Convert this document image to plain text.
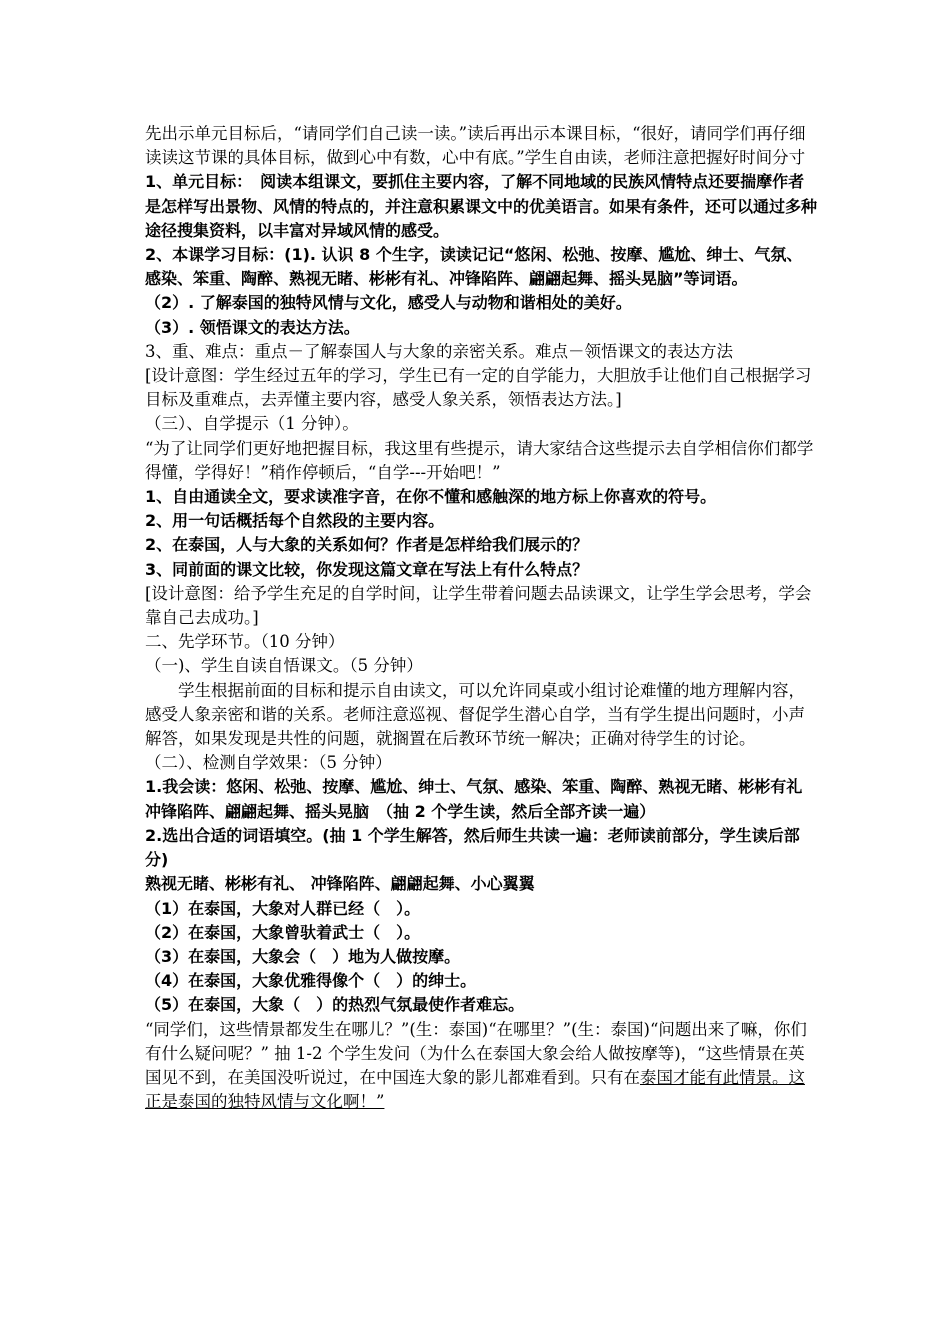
先出示单元目标后，“请同学们自己读一读。”读后再出示本课目标，“很好，请同学们再仔细读读这节课的具体目标，做到心中有数，心中有底。”学生自由读，老师注意把握好时间分寸

1、单元目标：　阅读本组课文，要抓住主要内容，了解不同地域的民族风情特点还要揣摩作者是怎样写出景物、风情的特点的，并注意积累课文中的优美语言。如果有条件，还可以通过多种途径搜集资料，以丰富对异域风情的感受。

2、本课学习目标：(1). 认识 8 个生字，读读记记“悠闲、松弛、按摩、尴尬、绅士、气氛、感染、笨重、陶醉、熟视无睹、彬彬有礼、冲锋陷阵、翩翩起舞、摇头晃脑”等词语。

（2）. 了解泰国的独特风情与文化，感受人与动物和谐相处的美好。

（3）. 领悟课文的表达方法。

3、重、难点：重点－了解泰国人与大象的亲密关系。难点－领悟课文的表达方法

[设计意图：学生经过五年的学习，学生已有一定的自学能力，大胆放手让他们自己根据学习目标及重难点，去弄懂主要内容，感受人象关系，领悟表达方法。]

（三）、自学提示（1 分钟）。

“为了让同学们更好地把握目标，我这里有些提示，请大家结合这些提示去自学相信你们都学得懂，学得好！”稍作停顿后，“自学---开始吧！”

1、自由通读全文，要求读准字音，在你不懂和感触深的地方标上你喜欢的符号。

2、用一句话概括每个自然段的主要内容。

2、在泰国，人与大象的关系如何？作者是怎样给我们展示的？

3、同前面的课文比较，你发现这篇文章在写法上有什么特点？

[设计意图：给予学生充足的自学时间，让学生带着问题去品读课文，让学生学会思考，学会靠自己去成功。]

二、先学环节。（10 分钟）

（一)、学生自读自悟课文。（5 分钟）

学生根据前面的目标和提示自由读文，可以允许同桌或小组讨论难懂的地方理解内容，感受人象亲密和谐的关系。老师注意巡视、督促学生潜心自学，当有学生提出问题时，小声解答，如果发现是共性的问题，就搁置在后教环节统一解决；正确对待学生的讨论。

（二）、检测自学效果：（5 分钟）

1.我会读：悠闲、松弛、按摩、尴尬、绅士、气氛、感染、笨重、陶醉、熟视无睹、彬彬有礼 冲锋陷阵、翩翩起舞、摇头晃脑　（抽 2 个学生读，然后全部齐读一遍）

2.选出合适的词语填空。(抽 1 个学生解答，然后师生共读一遍：老师读前部分，学生读后部分)

熟视无睹、彬彬有礼、 冲锋陷阵、翩翩起舞、小心翼翼

（1）在泰国，大象对人群已经（　）。

（2）在泰国，大象曾驮着武士（　）。

（3）在泰国，大象会（　）地为人做按摩。

（4）在泰国，大象优雅得像个（　）的绅士。

（5）在泰国，大象（　）的热烈气氛最使作者难忘。

“同学们，这些情景都发生在哪儿？”(生：泰国)“在哪里？”(生：泰国)“问题出来了嘛，你们有什么疑问呢？” 抽 1-2 个学生发问（为什么在泰国大象会给人做按摩等)，“这些情景在英国见不到，在美国没听说过，在中国连大象的影儿都难看到。只有在泰国才能有此情景。这正是泰国的独特风情与文化啊！”
